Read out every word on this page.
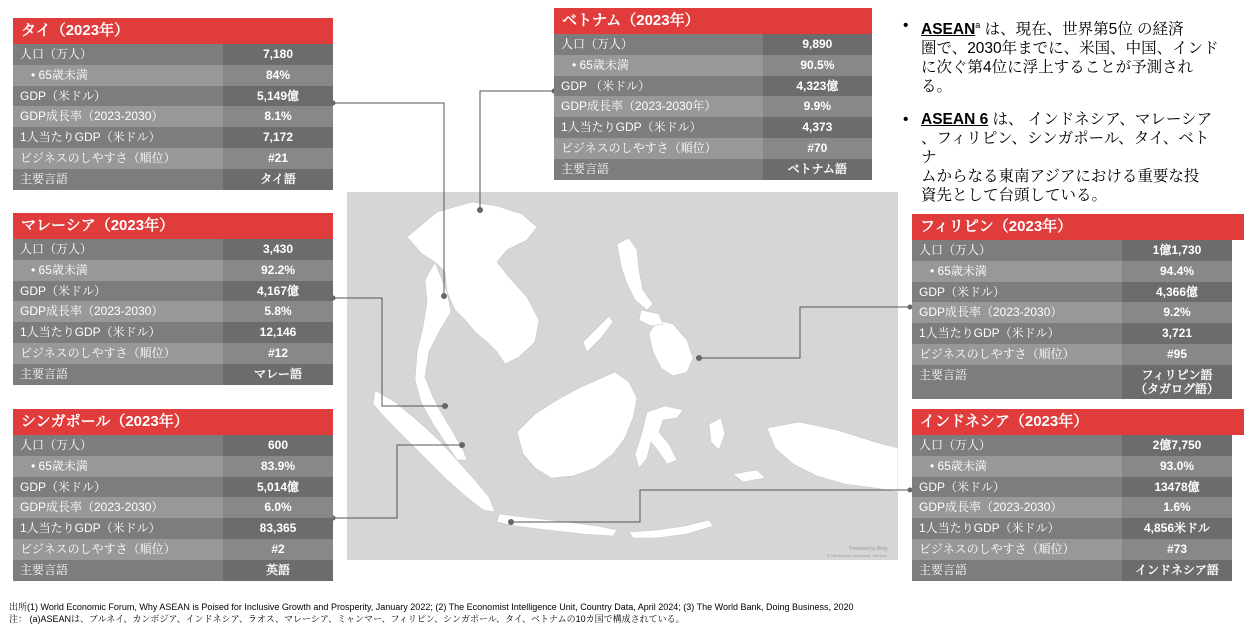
Powered by Bing
© GeoNames, Microsoft, TomTom
タイ（2023年）
人口（万人）	7,180
• 65歳未満	84%
GDP（米ドル）	5,149億
GDP成長率（2023-2030）	8.1%
1人当たりGDP（米ドル）	7,172
ビジネスのしやすさ（順位）	#21
主要言語	タイ語
ベトナム（2023年）
人口（万人）	9,890
• 65歳未満	90.5%
GDP （米ドル）	4,323億
GDP成長率（2023-2030年）	9.9%
1人当たりGDP（米ドル）	4,373
ビジネスのしやすさ（順位）	#70
主要言語	ベトナム語
マレーシア（2023年）
人口（万人）	3,430
• 65歳未満	92.2%
GDP（米ドル）	4,167億
GDP成長率（2023-2030）	5.8%
1人当たりGDP（米ドル）	12,146
ビジネスのしやすさ（順位）	#12
主要言語	マレー語
シンガポール（2023年）
人口（万人）	600
• 65歳未満	83.9%
GDP（米ドル）	5,014億
GDP成長率（2023-2030）	6.0%
1人当たりGDP（米ドル）	83,365
ビジネスのしやすさ（順位）	#2
主要言語	英語
フィリピン（2023年）
人口（万人）	1億1,730
• 65歳未満	94.4%
GDP（米ドル）	4,366億
GDP成長率（2023-2030）	9.2%
1人当たりGDP（米ドル）	3,721
ビジネスのしやすさ（順位）	#95
主要言語	フィリピン語
（タガログ語）
インドネシア（2023年）
人口（万人）	2億7,750
• 65歳未満	93.0%
GDP（米ドル）	13478億
GDP成長率（2023-2030）	1.6%
1人当たりGDP（米ドル）	4,856米ドル
ビジネスのしやすさ（順位）	#73
主要言語	インドネシア語
• ASEAN$^a$ は、現在、世界第5位 の経済
圏で、2030年までに、米国、中国、インド
に次ぐ第4位に浮上することが予測され
る。
• ASEAN 6 は、 インドネシア、マレーシア
、フィリピン、シンガポール、タイ、ベトナ
ムからなる東南アジアにおける重要な投
資先として台頭している。
出所(1) World Economic Forum, Why ASEAN is Poised for Inclusive Growth and Prosperity, January 2022; (2) The Economist Intelligence Unit, Country Data, April 2024; (3) The World Bank, Doing Business, 2020
注： (a)ASEANは、ブルネイ、カンボジア、インドネシア、ラオス、マレーシア、ミャンマー、フィリピン、シンガポール、タイ、ベトナムの10カ国で構成されている。
